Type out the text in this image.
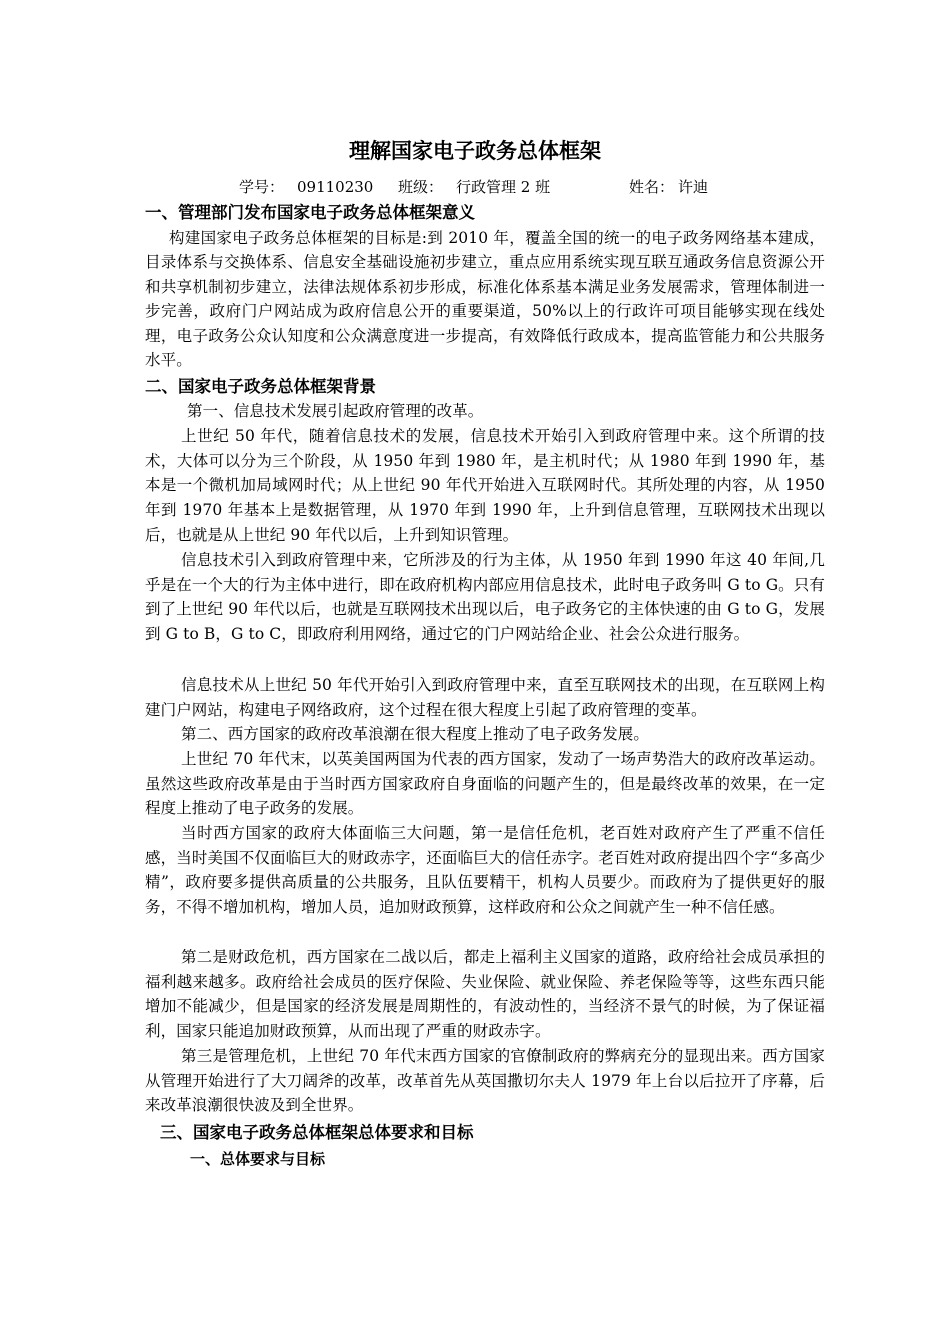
理解国家电子政务总体框架
学号： 09110230 班级： 行政管理 2 班	姓名： 许迪
一、管理部门发布国家电子政务总体框架意义
构建国家电子政务总体框架的目标是:到 2010 年，覆盖全国的统一的电子政务网络基本建成，目录体系与交换体系、信息安全基础设施初步建立，重点应用系统实现互联互通政务信息资源公开和共享机制初步建立，法律法规体系初步形成，标准化体系基本满足业务发展需求，管理体制进一步完善，政府门户网站成为政府信息公开的重要渠道，50%以上的行政许可项目能够实现在线处理，电子政务公众认知度和公众满意度进一步提高，有效降低行政成本，提高监管能力和公共服务水平。
二、国家电子政务总体框架背景
第一、信息技术发展引起政府管理的改革。
上世纪 50 年代，随着信息技术的发展，信息技术开始引入到政府管理中来。这个所谓的技术，大体可以分为三个阶段，从 1950 年到 1980 年，是主机时代；从 1980 年到 1990 年，基本是一个微机加局域网时代；从上世纪 90 年代开始进入互联网时代。其所处理的内容，从 1950 年到 1970 年基本上是数据管理，从 1970 年到 1990 年，上升到信息管理，互联网技术出现以后，也就是从上世纪 90 年代以后，上升到知识管理。
信息技术引入到政府管理中来，它所涉及的行为主体，从 1950 年到 1990 年这 40 年间,几乎是在一个大的行为主体中进行，即在政府机构内部应用信息技术，此时电子政务叫 G to G。只有到了上世纪 90 年代以后，也就是互联网技术出现以后，电子政务它的主体快速的由 G to G，发展到 G to B，G to C，即政府利用网络，通过它的门户网站给企业、社会公众进行服务。
信息技术从上世纪 50 年代开始引入到政府管理中来，直至互联网技术的出现，在互联网上构建门户网站，构建电子网络政府，这个过程在很大程度上引起了政府管理的变革。
第二、西方国家的政府改革浪潮在很大程度上推动了电子政务发展。
上世纪 70 年代末，以英美国两国为代表的西方国家，发动了一场声势浩大的政府改革运动。虽然这些政府改革是由于当时西方国家政府自身面临的问题产生的，但是最终改革的效果，在一定程度上推动了电子政务的发展。
当时西方国家的政府大体面临三大问题，第一是信任危机，老百姓对政府产生了严重不信任感，当时美国不仅面临巨大的财政赤字，还面临巨大的信任赤字。老百姓对政府提出四个字“多高少精”，政府要多提供高质量的公共服务，且队伍要精干，机构人员要少。而政府为了提供更好的服务，不得不增加机构，增加人员，追加财政预算，这样政府和公众之间就产生一种不信任感。
第二是财政危机，西方国家在二战以后，都走上福利主义国家的道路，政府给社会成员承担的福利越来越多。政府给社会成员的医疗保险、失业保险、就业保险、养老保险等等，这些东西只能增加不能减少，但是国家的经济发展是周期性的，有波动性的，当经济不景气的时候，为了保证福利，国家只能追加财政预算，从而出现了严重的财政赤字。
第三是管理危机，上世纪 70 年代末西方国家的官僚制政府的弊病充分的显现出来。西方国家从管理开始进行了大刀阔斧的改革，改革首先从英国撒切尔夫人 1979 年上台以后拉开了序幕，后来改革浪潮很快波及到全世界。
三、国家电子政务总体框架总体要求和目标
一、总体要求与目标
